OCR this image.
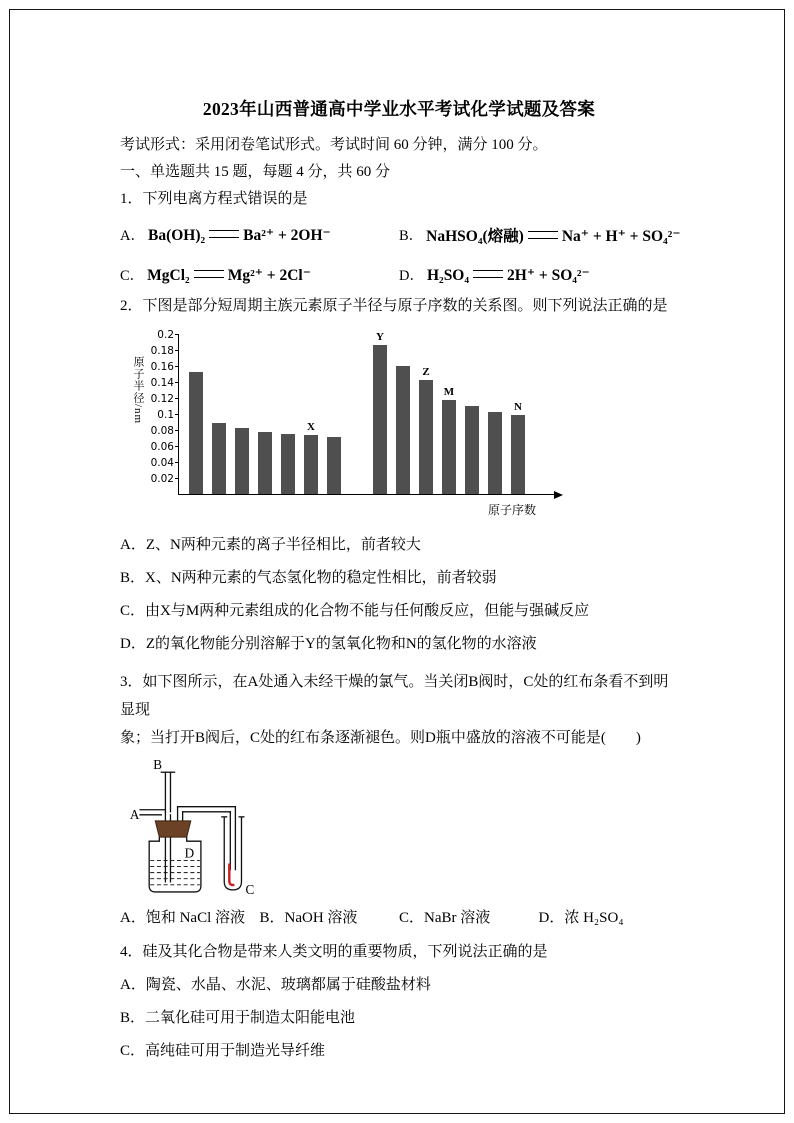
2023年山西普通高中学业水平考试化学试题及答案

考试形式：采用闭卷笔试形式。考试时间 60 分钟，满分 100 分。

一、单选题共 15 题，每题 4 分，共 60 分

1．下列电离方程式错误的是

A． Ba(OH)₂ Ba²⁺ + 2OH⁻	B． NaHSO₄(熔融) Na⁺ + H⁺ + SO₄²⁻
C． MgCl₂ Mg²⁺ + 2Cl⁻	D． H₂SO₄ 2H⁺ + SO₄²⁻

2．下图是部分短周期主族元素原子半径与原子序数的关系图。则下列说法正确的是

原子半径/nm
X
Y
Z
M
N
0.2
0.18
0.16
0.14
0.12
0.1
0.08
0.06
0.04
0.02
原子序数

A．Z、N两种元素的离子半径相比，前者较大

B．X、N两种元素的气态氢化物的稳定性相比，前者较弱

C．由X与M两种元素组成的化合物不能与任何酸反应，但能与强碱反应

D．Z的氧化物能分别溶解于Y的氢氧化物和N的氢化物的水溶液

3．如下图所示，在A处通入未经干燥的氯气。当关闭B阀时，C处的红布条看不到明显现

象；当打开B阀后，C处的红布条逐渐褪色。则D瓶中盛放的溶液不可能是(　　)

A
B
C
D
A．饱和 NaCl 溶液 B．NaOH 溶液	C．NaBr 溶液	D．浓 H₂SO₄

4．硅及其化合物是带来人类文明的重要物质，下列说法正确的是

A．陶瓷、水晶、水泥、玻璃都属于硅酸盐材料

B．二氧化硅可用于制造太阳能电池

C．高纯硅可用于制造光导纤维
